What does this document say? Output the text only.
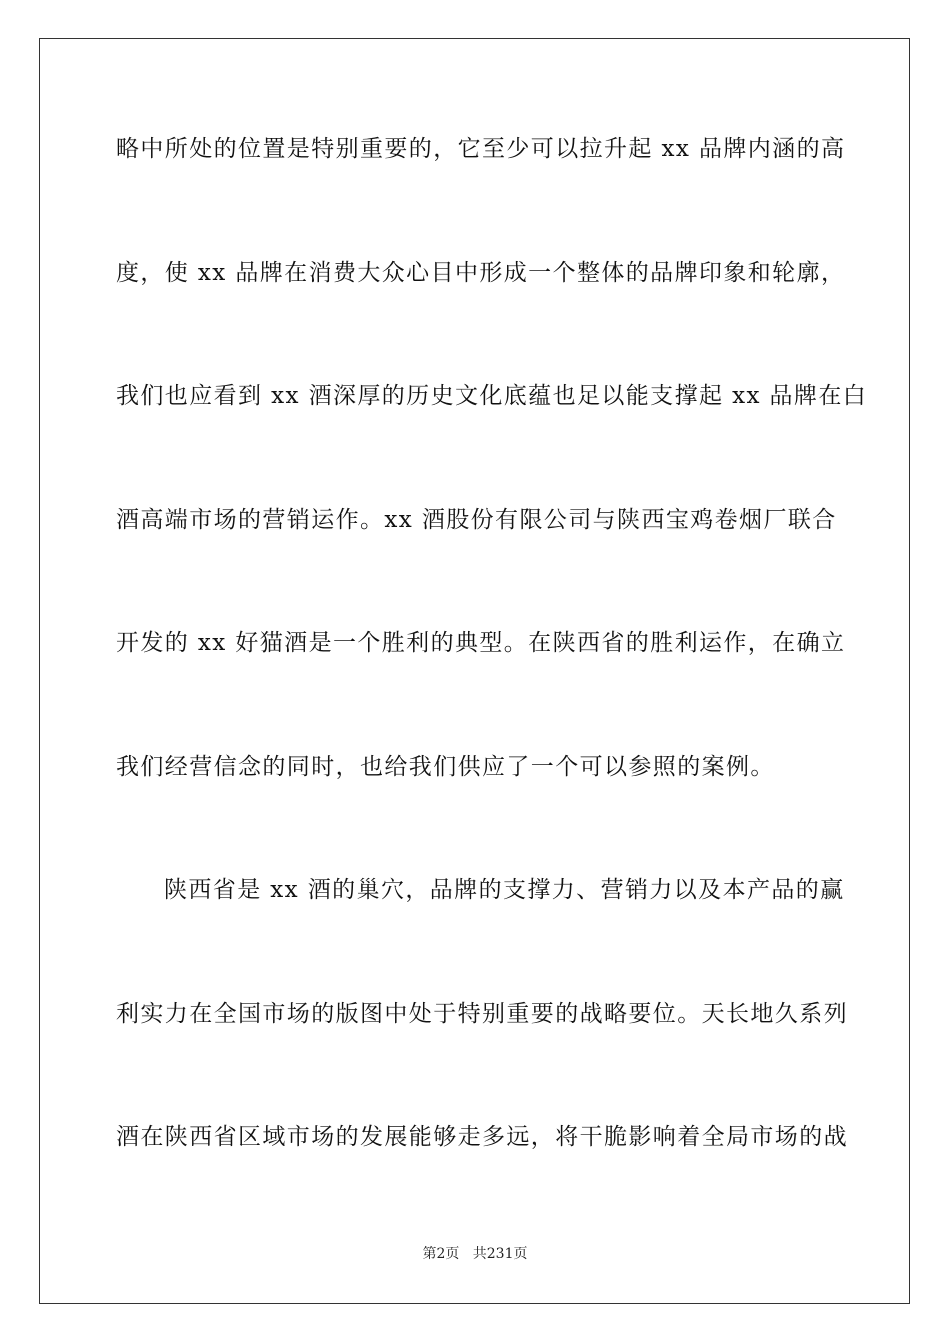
略中所处的位置是特别重要的，它至少可以拉升起 xx 品牌内涵的高
度，使 xx 品牌在消费大众心目中形成一个整体的品牌印象和轮廓，
我们也应看到 xx 酒深厚的历史文化底蕴也足以能支撑起 xx 品牌在白
酒高端市场的营销运作。xx 酒股份有限公司与陕西宝鸡卷烟厂联合
开发的 xx 好猫酒是一个胜利的典型。在陕西省的胜利运作，在确立
我们经营信念的同时，也给我们供应了一个可以参照的案例。
陕西省是 xx 酒的巢穴，品牌的支撑力、营销力以及本产品的赢
利实力在全国市场的版图中处于特别重要的战略要位。天长地久系列
酒在陕西省区域市场的发展能够走多远，将干脆影响着全局市场的战
第2页 共231页
